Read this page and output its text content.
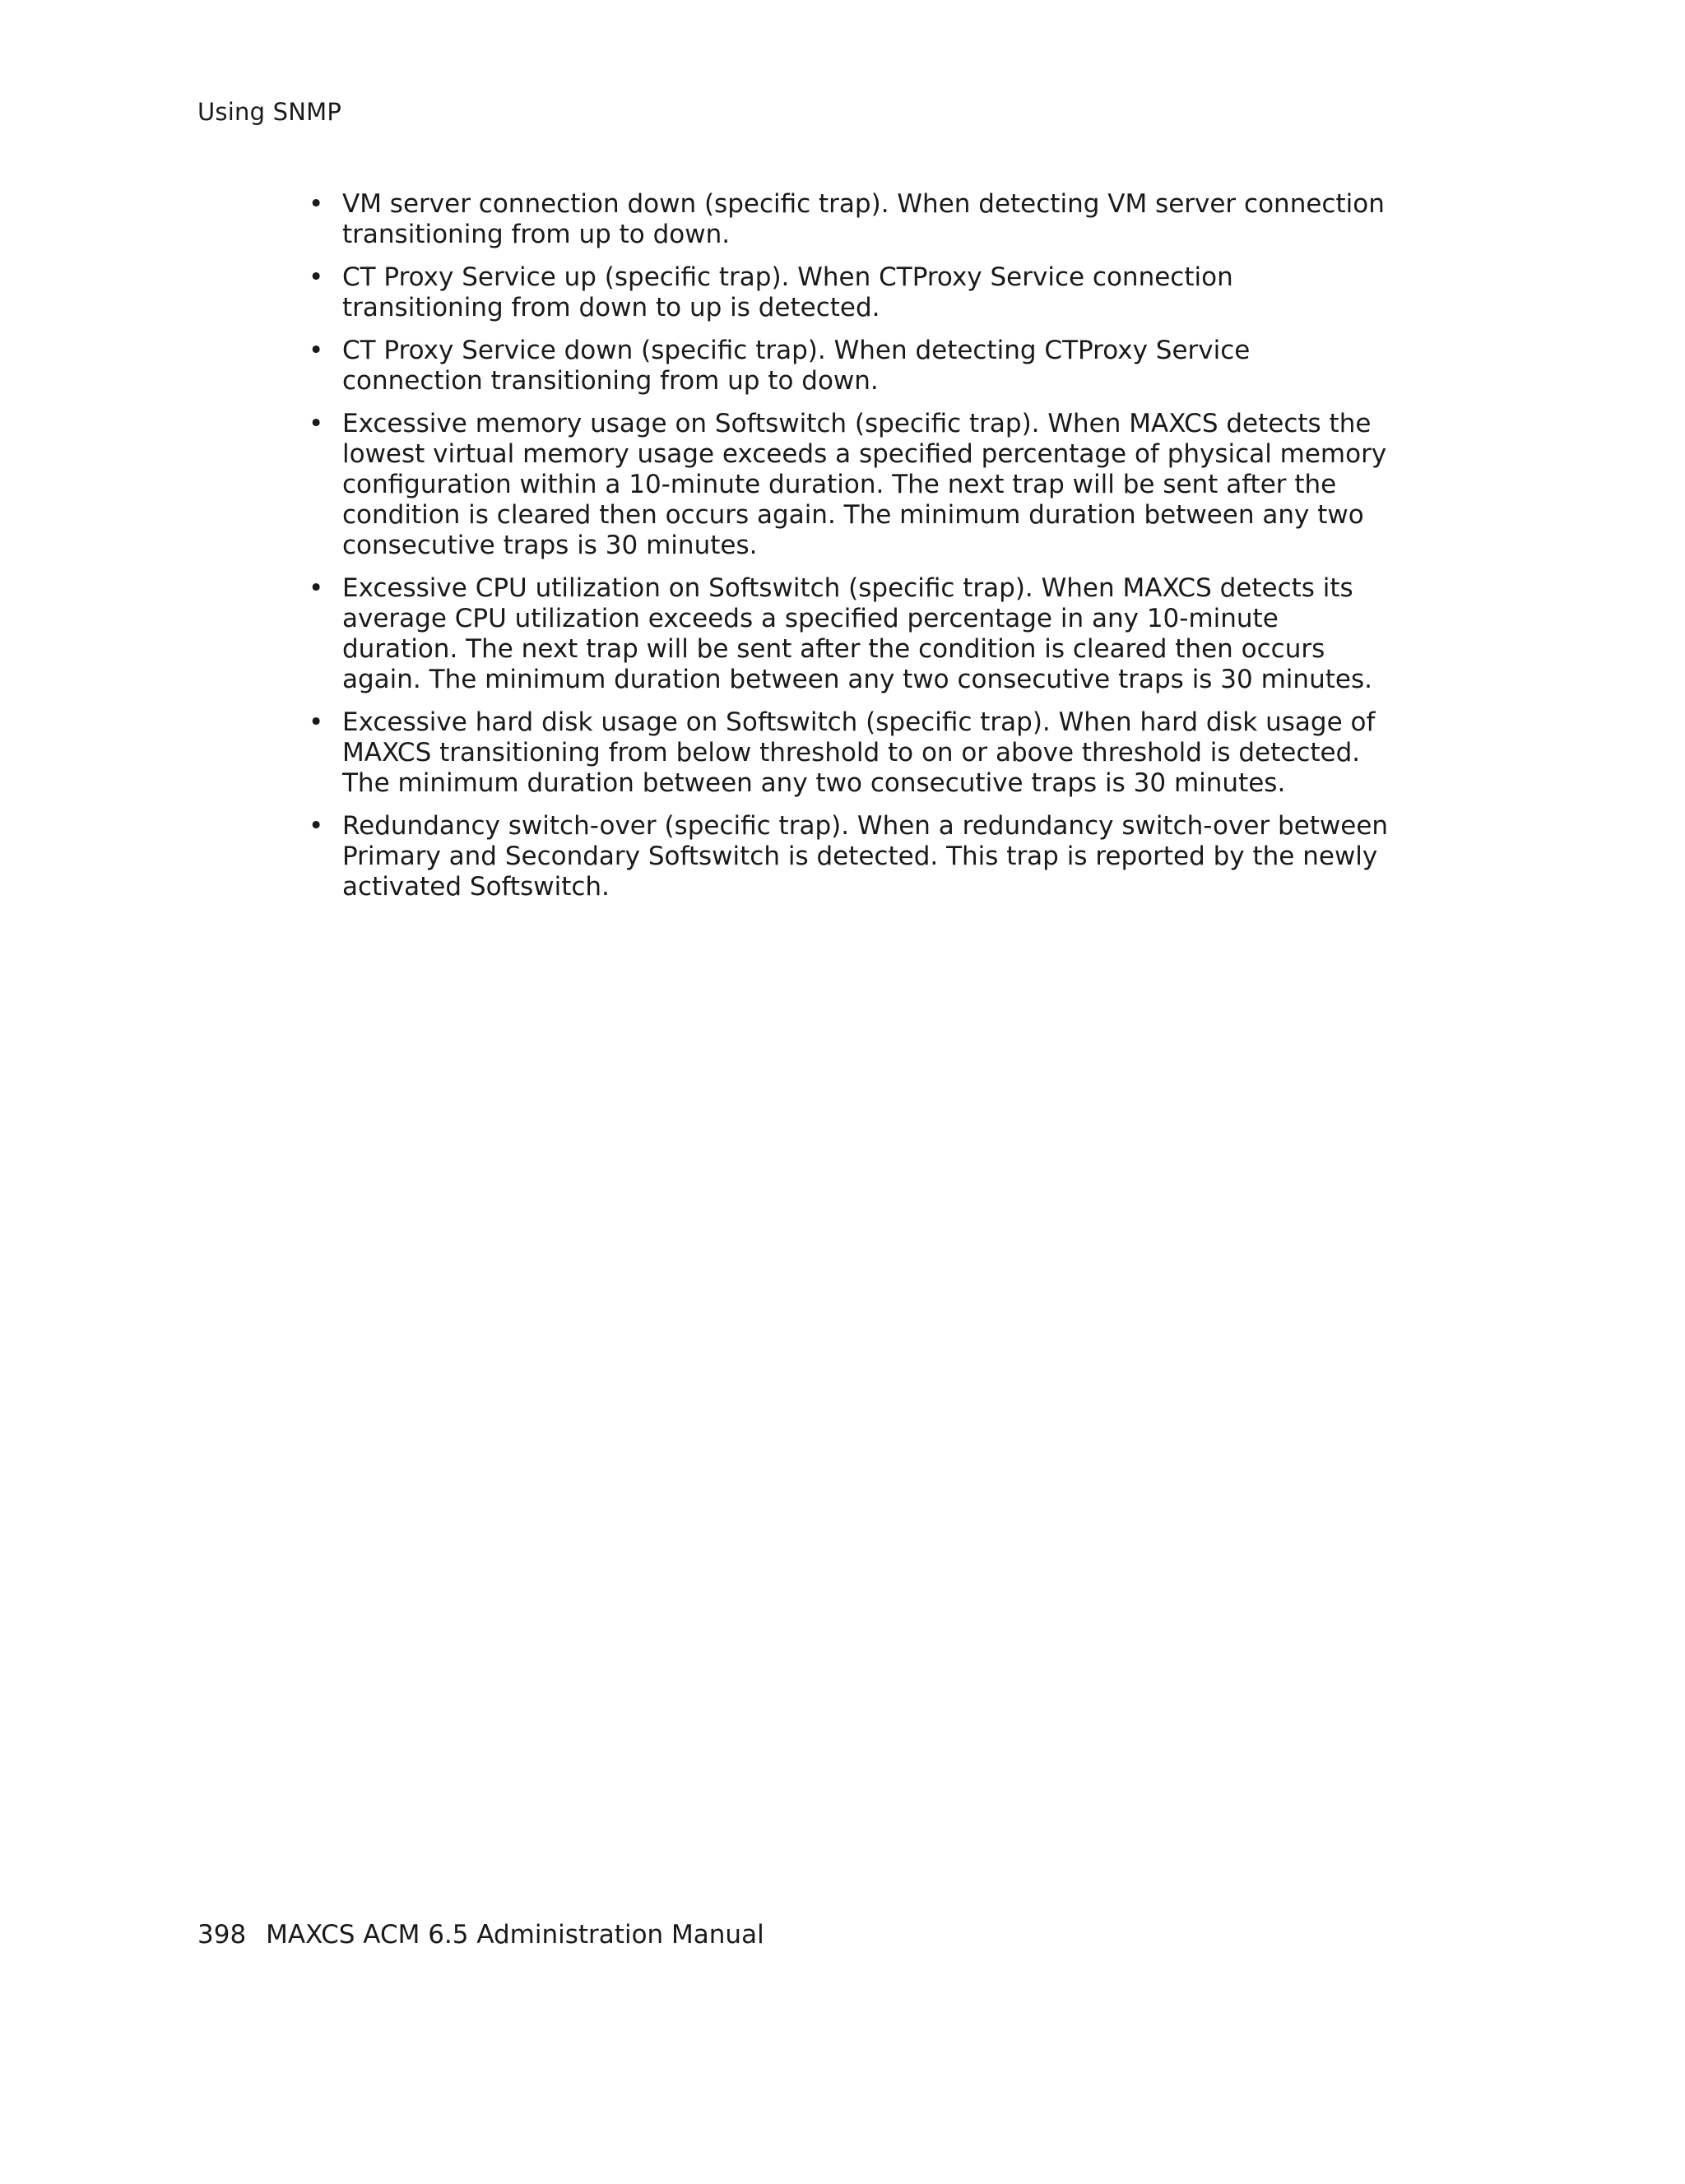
Using SNMP
• VM server connection down (specific trap). When detecting VM server connection transitioning from up to down.
• CT Proxy Service up (specific trap). When CTProxy Service connection transitioning from down to up is detected.
• CT Proxy Service down (specific trap). When detecting CTProxy Service connection transitioning from up to down.
• Excessive memory usage on Softswitch (specific trap). When MAXCS detects the lowest virtual memory usage exceeds a specified percentage of physical memory configuration within a 10-minute duration. The next trap will be sent after the condition is cleared then occurs again. The minimum duration between any two consecutive traps is 30 minutes.
• Excessive CPU utilization on Softswitch (specific trap). When MAXCS detects its average CPU utilization exceeds a specified percentage in any 10-minute duration. The next trap will be sent after the condition is cleared then occurs again. The minimum duration between any two consecutive traps is 30 minutes.
• Excessive hard disk usage on Softswitch (specific trap). When hard disk usage of MAXCS transitioning from below threshold to on or above threshold is detected. The minimum duration between any two consecutive traps is 30 minutes.
• Redundancy switch-over (specific trap). When a redundancy switch-over between Primary and Secondary Softswitch is detected. This trap is reported by the newly activated Softswitch.
398 MAXCS ACM 6.5 Administration Manual
